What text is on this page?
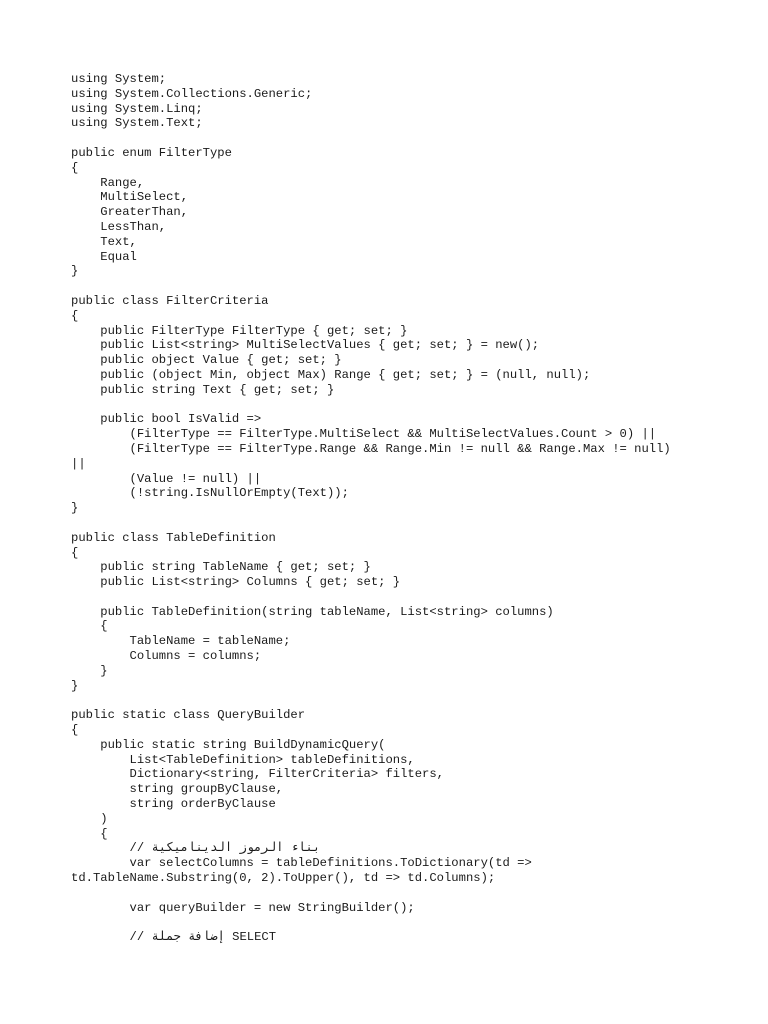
using System;
using System.Collections.Generic;
using System.Linq;
using System.Text;
public enum FilterType
{
Range,
MultiSelect,
GreaterThan,
LessThan,
Text,
Equal
}
public class FilterCriteria
{
public FilterType FilterType { get; set; }
public List<string> MultiSelectValues { get; set; } = new();
public object Value { get; set; }
public (object Min, object Max) Range { get; set; } = (null, null);
public string Text { get; set; }
public bool IsValid =>
(FilterType == FilterType.MultiSelect && MultiSelectValues.Count > 0) ||
(FilterType == FilterType.Range && Range.Min != null && Range.Max != null)
||
(Value != null) ||
(!string.IsNullOrEmpty(Text));
}
public class TableDefinition
{
public string TableName { get; set; }
public List<string> Columns { get; set; }
public TableDefinition(string tableName, List<string> columns)
{
TableName = tableName;
Columns = columns;
}
}
public static class QueryBuilder
{
public static string BuildDynamicQuery(
List<TableDefinition> tableDefinitions,
Dictionary<string, FilterCriteria> filters,
string groupByClause,
string orderByClause
)
{
// بناء الرموز الديناميكية
var selectColumns = tableDefinitions.ToDictionary(td =>
td.TableName.Substring(0, 2).ToUpper(), td => td.Columns);
var queryBuilder = new StringBuilder();
// إضافة جملة SELECT
